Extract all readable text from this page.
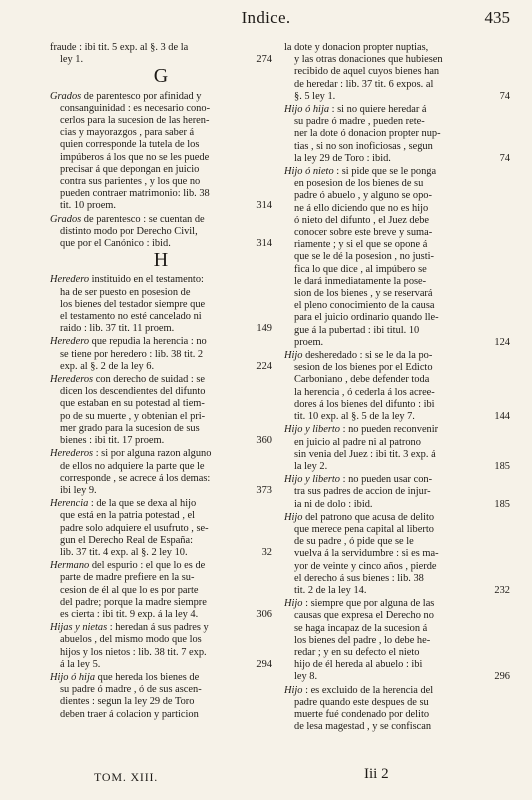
Indice.	435
fraude : ibi tit. 5 exp. al §. 3 de la
ley 1.	274
G
Grados de parentesco por afinidad y
consanguinidad : es necesario cono-
cerlos para la sucesion de las heren-
cias y mayorazgos , para saber á
quien corresponde la tutela de los
impúberos á los que no se les puede
precisar á que depongan en juicio
contra sus parientes , y los que no
pueden contraer matrimonio: lib. 38
tit. 10 proem.	314
Grados de parentesco : se cuentan de
distinto modo por Derecho Civil,
que por el Canónico : ibid.	314
H
Heredero instituido en el testamento:
ha de ser puesto en posesion de
los bienes del testador siempre que
el testamento no esté cancelado ni
raido : lib. 37 tit. 11 proem.	149
Heredero que repudia la herencia : no
se tiene por heredero : lib. 38 tit. 2
exp. al §. 2 de la ley 6.	224
Herederos con derecho de suidad : se
dicen los descendientes del difunto
que estaban en su potestad al tiem-
po de su muerte , y obtenian el pri-
mer grado para la sucesion de sus
bienes : ibi tit. 17 proem.	360
Herederos : si por alguna razon alguno
de ellos no adquiere la parte que le
corresponde , se acrece á los demas:
ibi ley 9.	373
Herencia : de la que se dexa al hijo
que está en la patria potestad , el
padre solo adquiere el usufruto , se-
gun el Derecho Real de España:
lib. 37 tit. 4 exp. al §. 2 ley 10.	32
Hermano del espurio : el que lo es de
parte de madre prefiere en la su-
cesion de él al que lo es por parte
del padre; porque la madre siempre
es cierta : ibi tit. 9 exp. á la ley 4.	306
Hijas y nietas : heredan á sus padres y
abuelos , del mismo modo que los
hijos y los nietos : lib. 38 tit. 7 exp.
á la ley 5.	294
Hijo ó hija que hereda los bienes de
su padre ó madre , ó de sus ascen-
dientes : segun la ley 29 de Toro
deben traer á colacion y particion
la dote y donacion propter nuptias,
y las otras donaciones que hubiesen
recibido de aquel cuyos bienes han
de heredar : lib. 37 tit. 6 expos. al
§. 5 ley 1.	74
Hijo ó hija : si no quiere heredar á
su padre ó madre , pueden rete-
ner la dote ó donacion propter nup-
tias , si no son inoficiosas , segun
la ley 29 de Toro : ibid.	74
Hijo ó nieto : si pide que se le ponga
en posesion de los bienes de su
padre ó abuelo , y alguno se opo-
ne á ello diciendo que no es hijo
ó nieto del difunto , el Juez debe
conocer sobre este breve y suma-
riamente ; y si el que se opone á
que se le dé la posesion , no justi-
fica lo que dice , al impúbero se
le dará inmediatamente la pose-
sion de los bienes , y se reservará
el pleno conocimiento de la causa
para el juicio ordinario quando lle-
gue á la pubertad : ibi titul. 10
proem.	124
Hijo desheredado : si se le da la po-
sesion de los bienes por el Edicto
Carboniano , debe defender toda
la herencia , ó cederla á los acree-
dores á los bienes del difunto : ibi
tit. 10 exp. al §. 5 de la ley 7.	144
Hijo y liberto : no pueden reconvenir
en juicio al padre ni al patrono
sin venia del Juez : ibi tit. 3 exp. á
la ley 2.	185
Hijo y liberto : no pueden usar con-
tra sus padres de accion de injur-
ia ni de dolo : ibid.	185
Hijo del patrono que acusa de delito
que merece pena capital al liberto
de su padre , ó pide que se le
vuelva á la servidumbre : si es ma-
yor de veinte y cinco años , pierde
el derecho á sus bienes : lib. 38
tit. 2 de la ley 14.	232
Hijo : siempre que por alguna de las
causas que expresa el Derecho no
se haga incapaz de la sucesion á
los bienes del padre , lo debe he-
redar ; y en su defecto el nieto
hijo de él hereda al abuelo : ibi
ley 8.	296
Hijo : es excluido de la herencia del
padre quando este despues de su
muerte fué condenado por delito
de lesa magestad , y se confiscan
TOM. XIII.	Iii 2
